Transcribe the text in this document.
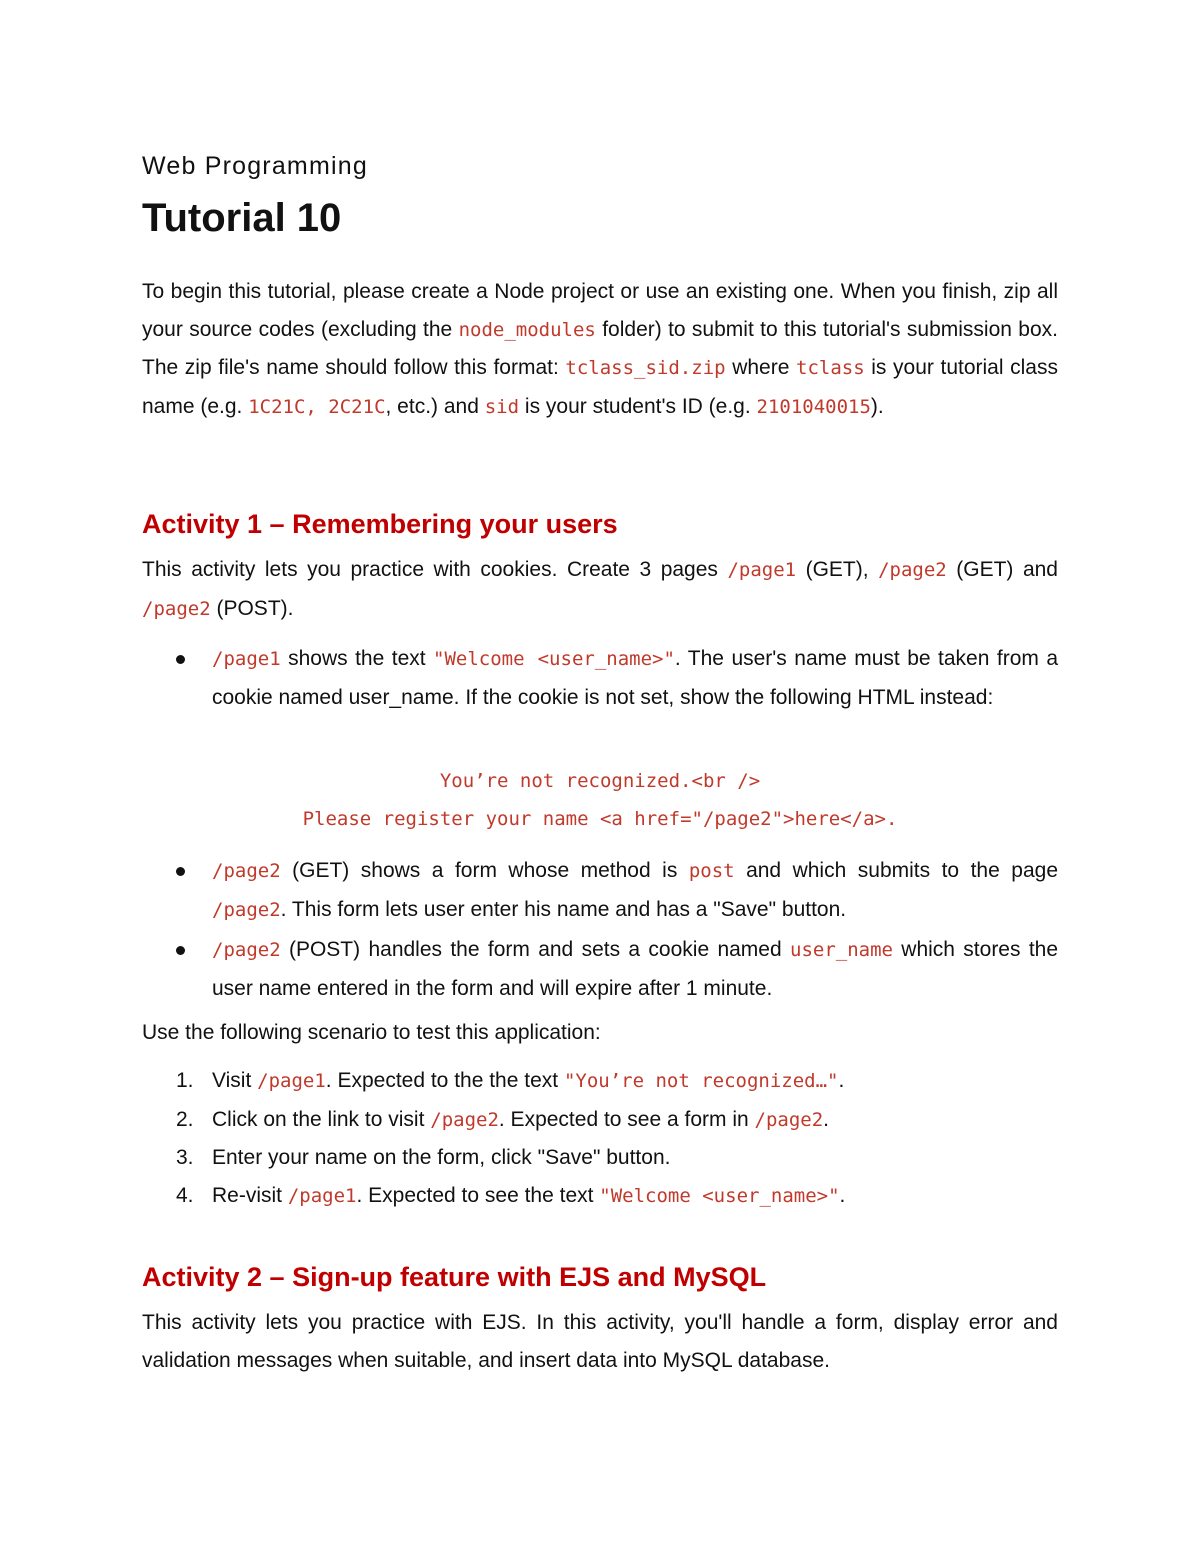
Web Programming
Tutorial 10

To begin this tutorial, please create a Node project or use an existing one. When you finish, zip all your source codes (excluding the node_modules folder) to submit to this tutorial's submission box. The zip file's name should follow this format: tclass_sid.zip where tclass is your tutorial class name (e.g. 1C21C, 2C21C, etc.) and sid is your student's ID (e.g. 2101040015).

Activity 1 – Remembering your users

This activity lets you practice with cookies. Create 3 pages /page1 (GET), /page2 (GET) and /page2 (POST).

/page1 shows the text "Welcome <user_name>". The user's name must be taken from a cookie named user_name. If the cookie is not set, show the following HTML instead:
You’re not recognized.<br />
Please register your name <a href="/page2">here</a>.
/page2 (GET) shows a form whose method is post and which submits to the page /page2. This form lets user enter his name and has a "Save" button.
/page2 (POST) handles the form and sets a cookie named user_name which stores the user name entered in the form and will expire after 1 minute.

Use the following scenario to test this application:

1. Visit /page1. Expected to the the text "You’re not recognized…".
2. Click on the link to visit /page2. Expected to see a form in /page2.
3. Enter your name on the form, click "Save" button.
4. Re-visit /page1. Expected to see the text "Welcome <user_name>".
Activity 2 – Sign-up feature with EJS and MySQL

This activity lets you practice with EJS. In this activity, you'll handle a form, display error and validation messages when suitable, and insert data into MySQL database.
